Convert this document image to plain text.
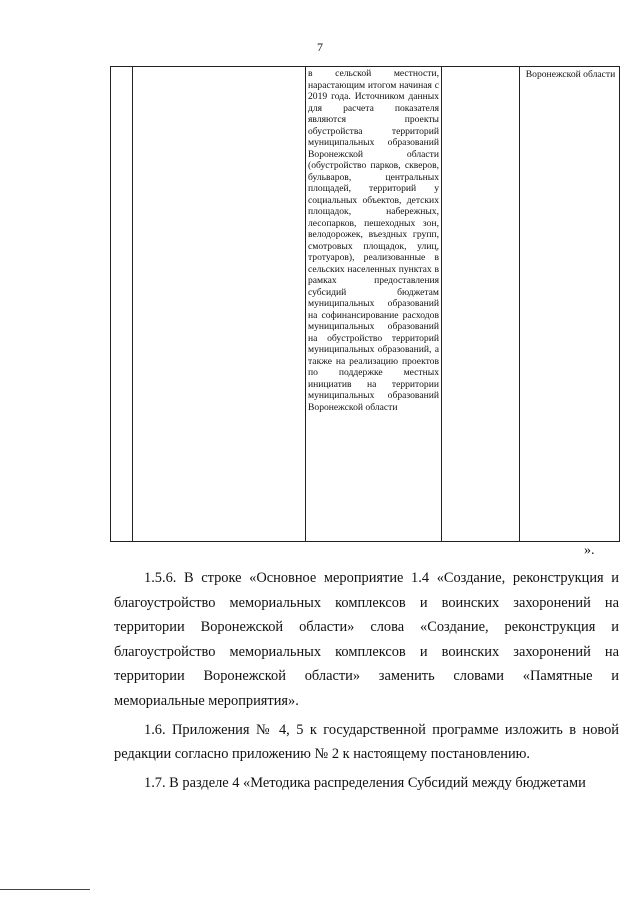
7
в сельской местности, нарастающим итогом начиная с 2019 года. Источником данных для расчета показателя являются проекты обустройства территорий муниципальных образований Воронежской области (обустройство парков, скверов, бульваров, центральных площадей, территорий у социальных объектов, детских площадок, набережных, лесопарков, пешеходных зон, велодорожек, въездных групп, смотровых площадок, улиц, тротуаров), реализованные в сельских населенных пунктах в рамках предоставления субсидий бюджетам муниципальных образований на софинансирование расходов муниципальных образований на обустройство территорий муниципальных образований, а также на реализацию проектов по поддержке местных инициатив на территории муниципальных образований Воронежской области
Воронежской области
».

1.5.6. В строке «Основное мероприятие 1.4 «Создание, реконструкция и благоустройство мемориальных комплексов и воинских захоронений на территории Воронежской области» слова «Создание, реконструкция и благоустройство мемориальных комплексов и воинских захоронений на территории Воронежской области» заменить словами «Памятные и мемориальные мероприятия».

1.6. Приложения № 4, 5 к государственной программе изложить в новой редакции согласно приложению № 2 к настоящему постановлению.

1.7. В разделе 4 «Методика распределения Субсидий между бюджетами
